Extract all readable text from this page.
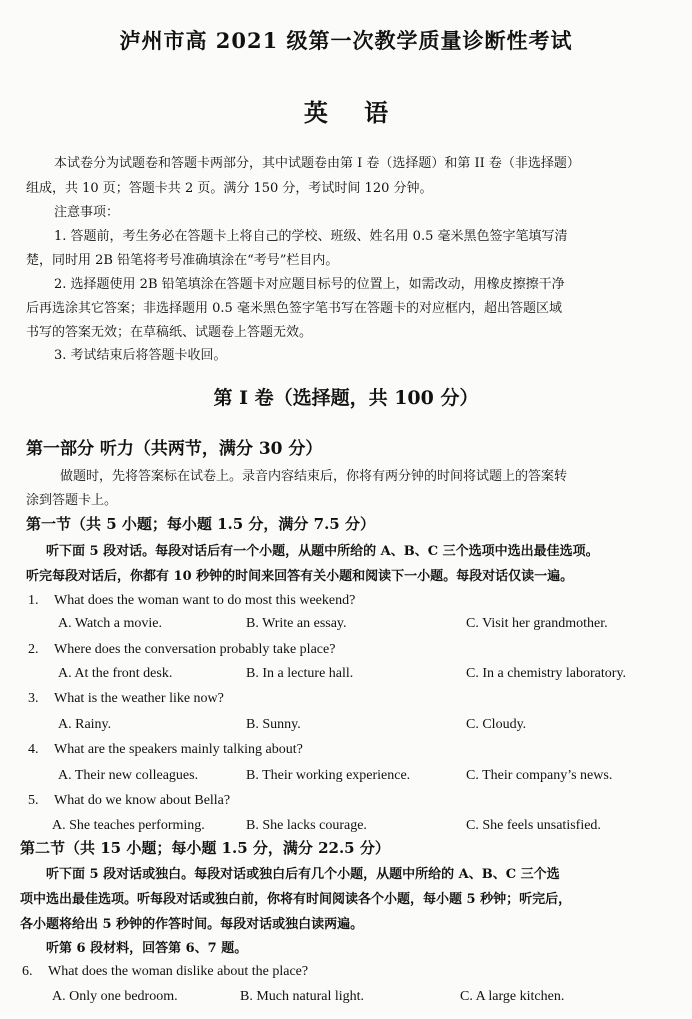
泸州市高 2021 级第一次教学质量诊断性考试
英 语
本试卷分为试题卷和答题卡两部分，其中试题卷由第 I 卷（选择题）和第 II 卷（非选择题）
组成，共 10 页；答题卡共 2 页。满分 150 分，考试时间 120 分钟。
注意事项：
1. 答题前，考生务必在答题卡上将自己的学校、班级、姓名用 0.5 毫米黑色签字笔填写清
楚，同时用 2B 铅笔将考号准确填涂在“考号”栏目内。
2. 选择题使用 2B 铅笔填涂在答题卡对应题目标号的位置上，如需改动，用橡皮擦擦干净
后再选涂其它答案；非选择题用 0.5 毫米黑色签字笔书写在答题卡的对应框内，超出答题区域
书写的答案无效；在草稿纸、试题卷上答题无效。
3. 考试结束后将答题卡收回。
第 I 卷（选择题，共 100 分）
第一部分 听力（共两节，满分 30 分）
做题时，先将答案标在试卷上。录音内容结束后，你将有两分钟的时间将试题上的答案转
涂到答题卡上。
第一节（共 5 小题；每小题 1.5 分，满分 7.5 分）
听下面 5 段对话。每段对话后有一个小题，从题中所给的 A、B、C 三个选项中选出最佳选项。
听完每段对话后，你都有 10 秒钟的时间来回答有关小题和阅读下一小题。每段对话仅读一遍。
1. What does the woman want to do most this weekend?
A. Watch a movie.	B. Write an essay.	C. Visit her grandmother.
2. Where does the conversation probably take place?
A. At the front desk.	B. In a lecture hall.	C. In a chemistry laboratory.
3. What is the weather like now?
A. Rainy.	B. Sunny.	C. Cloudy.
4. What are the speakers mainly talking about?
A. Their new colleagues.	B. Their working experience.	C. Their company’s news.
5. What do we know about Bella?
A. She teaches performing.	B. She lacks courage.	C. She feels unsatisfied.
第二节（共 15 小题；每小题 1.5 分，满分 22.5 分）
听下面 5 段对话或独白。每段对话或独白后有几个小题，从题中所给的 A、B、C 三个选
项中选出最佳选项。听每段对话或独白前，你将有时间阅读各个小题，每小题 5 秒钟；听完后，
各小题将给出 5 秒钟的作答时间。每段对话或独白读两遍。
听第 6 段材料，回答第 6、7 题。
6. What does the woman dislike about the place?
A. Only one bedroom.	B. Much natural light.	C. A large kitchen.
